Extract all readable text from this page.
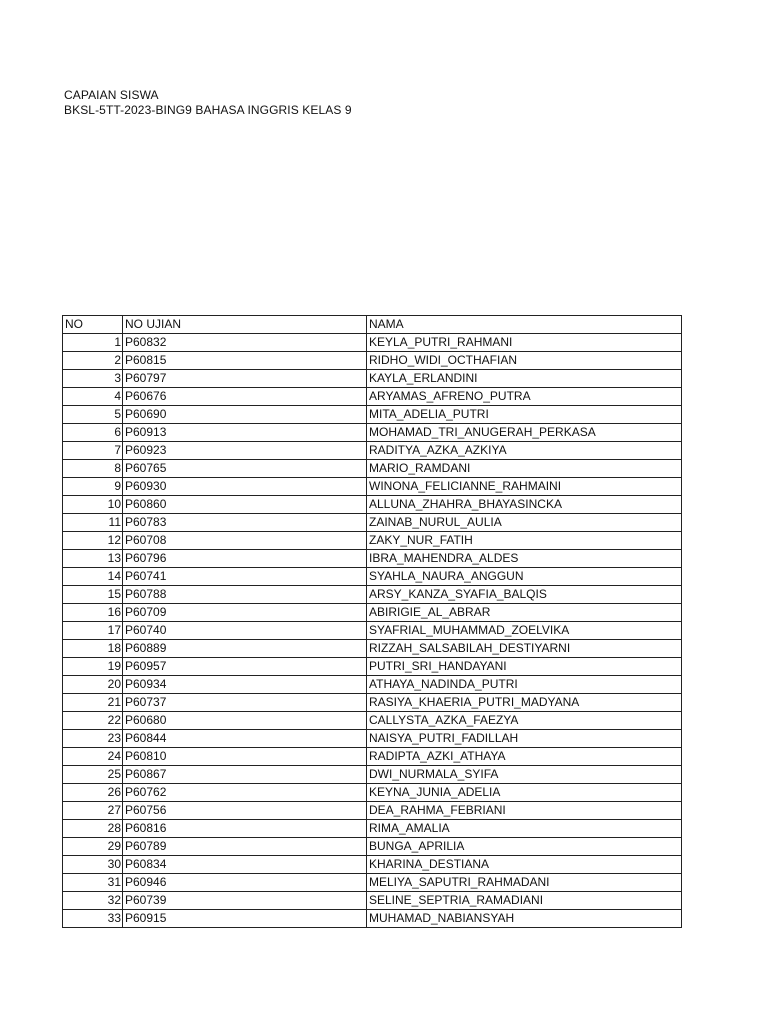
CAPAIAN SISWA
BKSL-5TT-2023-BING9 BAHASA INGGRIS KELAS 9
NO	NO UJIAN	NAMA
1	P60832	KEYLA_PUTRI_RAHMANI
2	P60815	RIDHO_WIDI_OCTHAFIAN
3	P60797	KAYLA_ERLANDINI
4	P60676	ARYAMAS_AFRENO_PUTRA
5	P60690	MITA_ADELIA_PUTRI
6	P60913	MOHAMAD_TRI_ANUGERAH_PERKASA
7	P60923	RADITYA_AZKA_AZKIYA
8	P60765	MARIO_RAMDANI
9	P60930	WINONA_FELICIANNE_RAHMAINI
10	P60860	ALLUNA_ZHAHRA_BHAYASINCKA
11	P60783	ZAINAB_NURUL_AULIA
12	P60708	ZAKY_NUR_FATIH
13	P60796	IBRA_MAHENDRA_ALDES
14	P60741	SYAHLA_NAURA_ANGGUN
15	P60788	ARSY_KANZA_SYAFIA_BALQIS
16	P60709	ABIRIGIE_AL_ABRAR
17	P60740	SYAFRIAL_MUHAMMAD_ZOELVIKA
18	P60889	RIZZAH_SALSABILAH_DESTIYARNI
19	P60957	PUTRI_SRI_HANDAYANI
20	P60934	ATHAYA_NADINDA_PUTRI
21	P60737	RASIYA_KHAERIA_PUTRI_MADYANA
22	P60680	CALLYSTA_AZKA_FAEZYA
23	P60844	NAISYA_PUTRI_FADILLAH
24	P60810	RADIPTA_AZKI_ATHAYA
25	P60867	DWI_NURMALA_SYIFA
26	P60762	KEYNA_JUNIA_ADELIA
27	P60756	DEA_RAHMA_FEBRIANI
28	P60816	RIMA_AMALIA
29	P60789	BUNGA_APRILIA
30	P60834	KHARINA_DESTIANA
31	P60946	MELIYA_SAPUTRI_RAHMADANI
32	P60739	SELINE_SEPTRIA_RAMADIANI
33	P60915	MUHAMAD_NABIANSYAH
